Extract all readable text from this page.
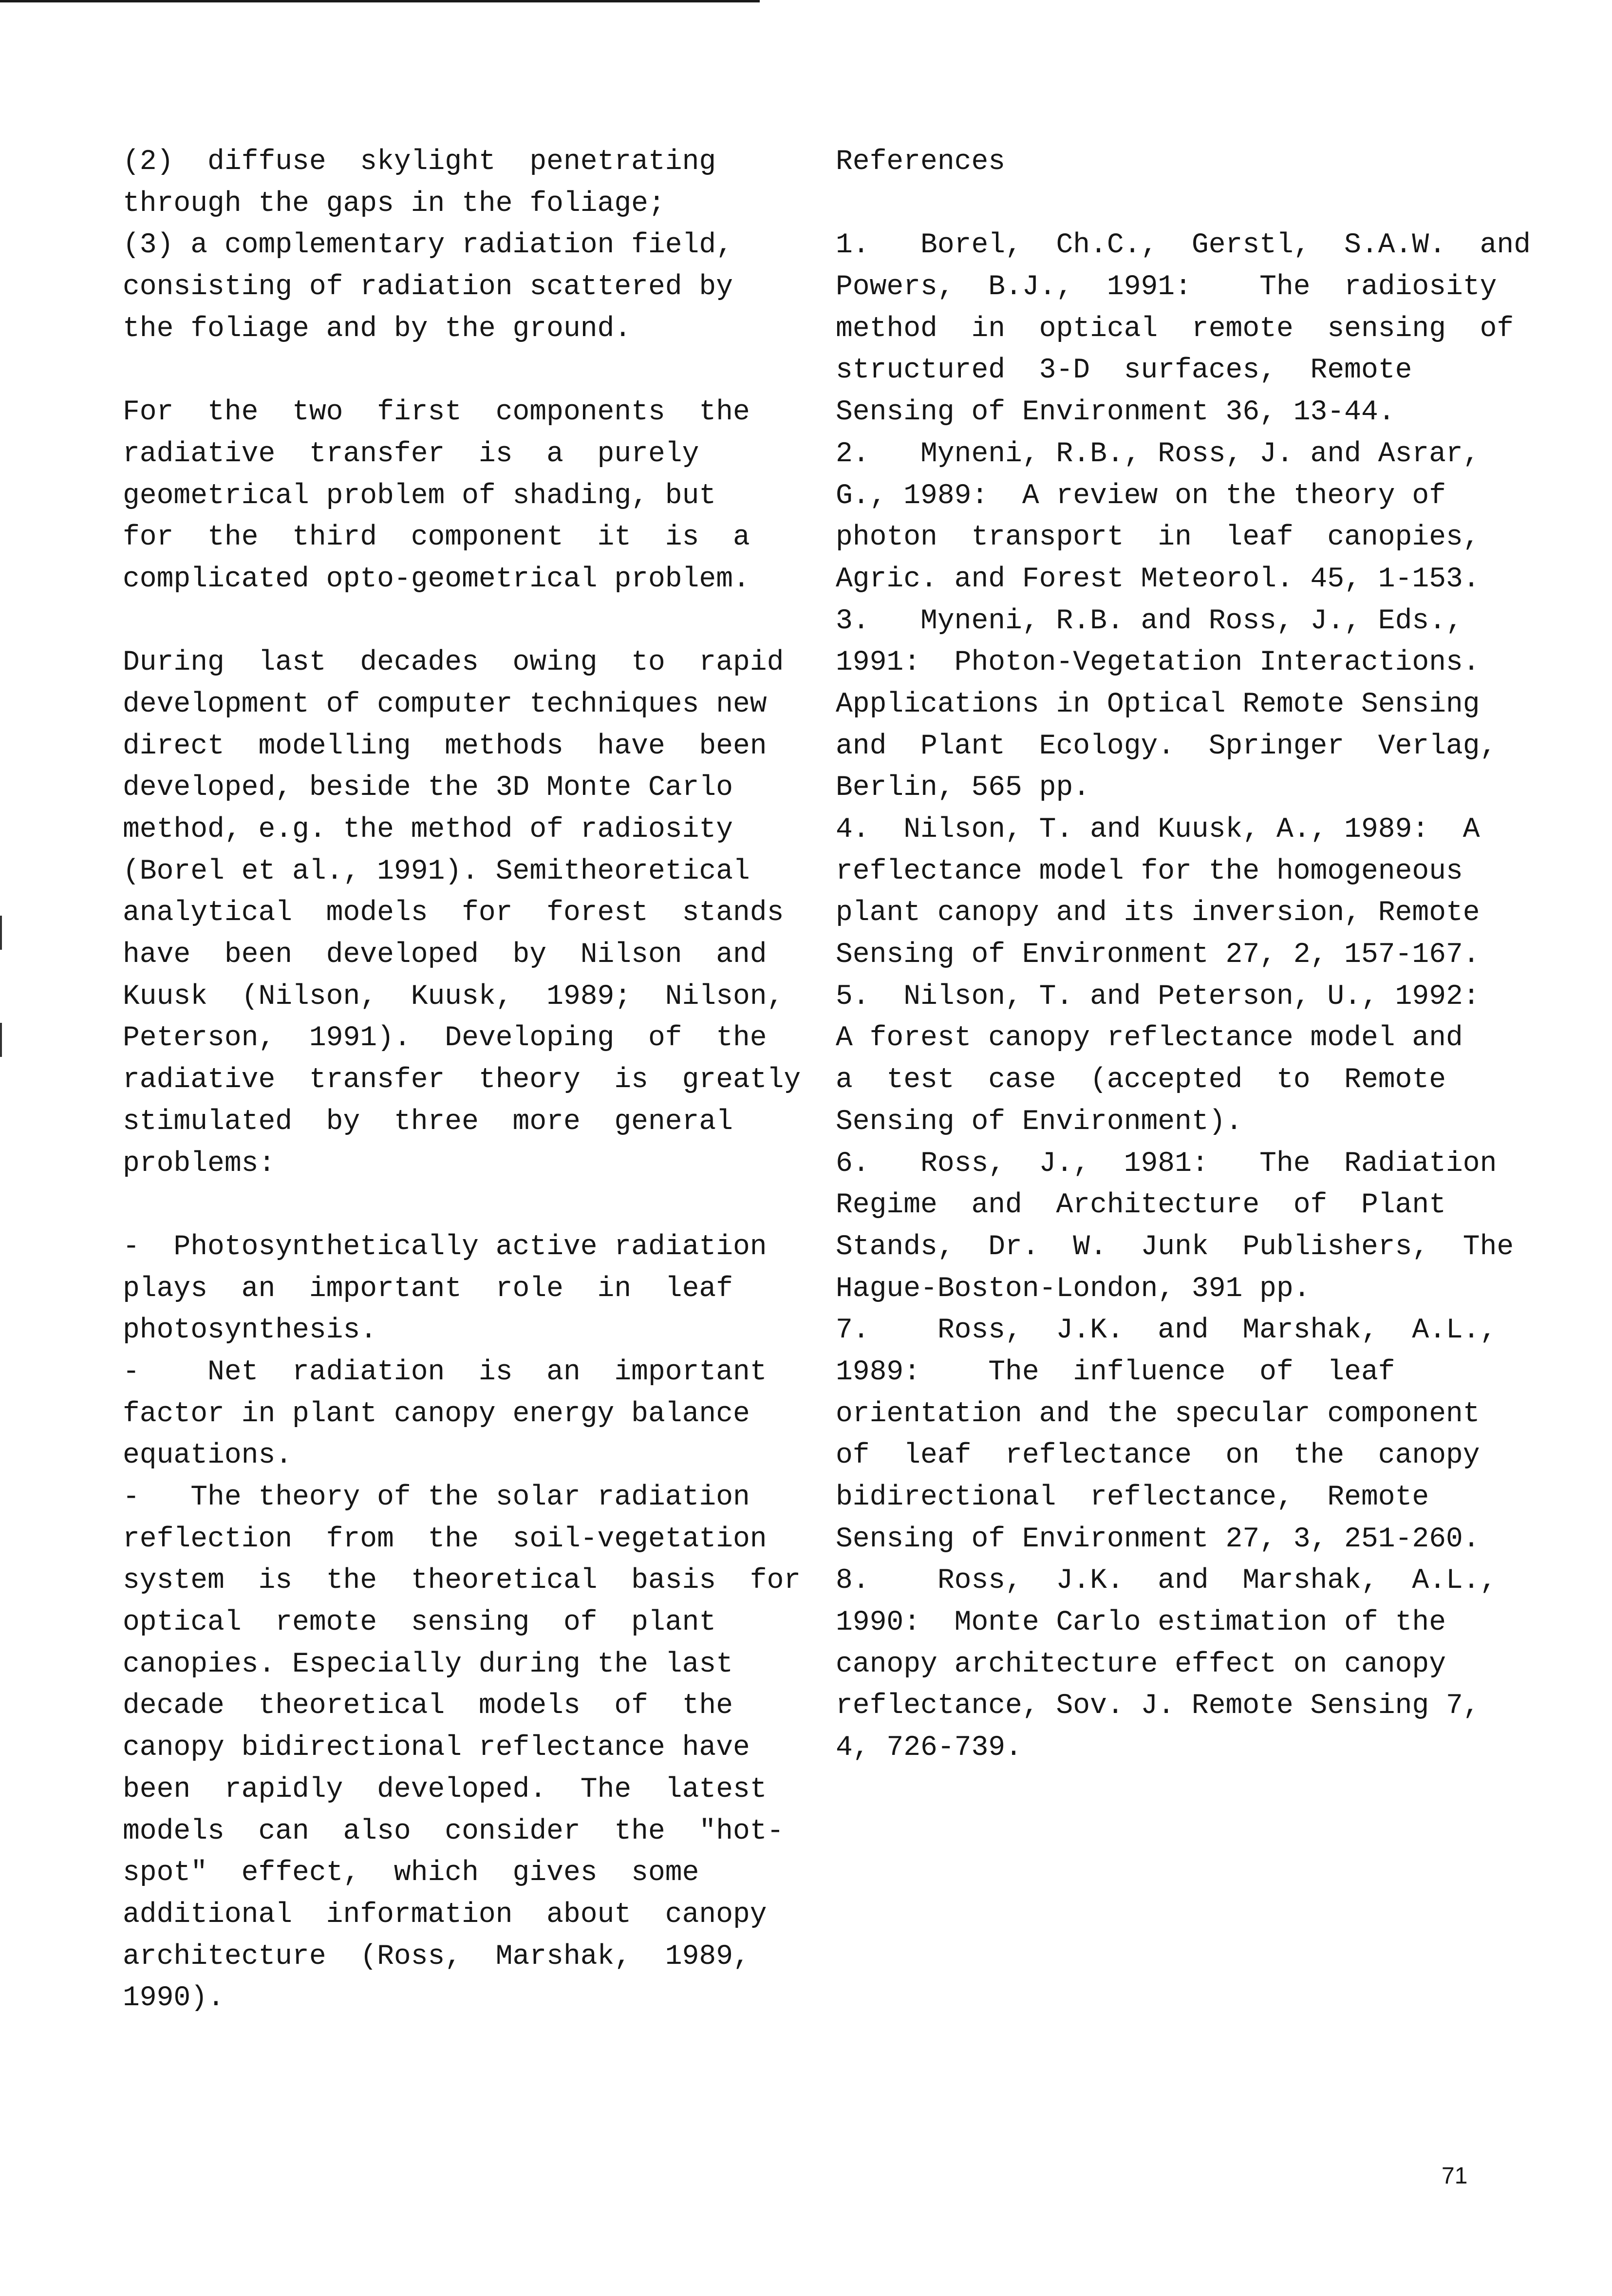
(2)  diffuse  skylight  penetrating
through the gaps in the foliage;
(3) a complementary radiation field,
consisting of radiation scattered by
the foliage and by the ground.
For  the  two  first  components  the
radiative  transfer  is  a  purely
geometrical problem of shading, but
for  the  third  component  it  is  a
complicated opto-geometrical problem.
During  last  decades  owing  to  rapid
development of computer techniques new
direct  modelling  methods  have  been
developed, beside the 3D Monte Carlo
method, e.g. the method of radiosity
(Borel et al., 1991). Semitheoretical
analytical  models  for  forest  stands
have  been  developed  by  Nilson  and
Kuusk  (Nilson,  Kuusk,  1989;  Nilson,
Peterson,  1991).  Developing  of  the
radiative  transfer  theory  is  greatly
stimulated  by  three  more  general
problems:
-  Photosynthetically active radiation
plays  an  important  role  in  leaf
photosynthesis.
-    Net  radiation  is  an  important
factor in plant canopy energy balance
equations.
-   The theory of the solar radiation
reflection  from  the  soil-vegetation
system  is  the  theoretical  basis  for
optical  remote  sensing  of  plant
canopies. Especially during the last
decade  theoretical  models  of  the
canopy bidirectional reflectance have
been  rapidly  developed.  The  latest
models  can  also  consider  the  "hot-
spot"  effect,  which  gives  some
additional  information  about  canopy
architecture  (Ross,  Marshak,  1989,
1990).
References
1.   Borel,  Ch.C.,  Gerstl,  S.A.W.  and
Powers,  B.J.,  1991:    The  radiosity
method  in  optical  remote  sensing  of
structured  3-D  surfaces,  Remote
Sensing of Environment 36, 13-44.
2.   Myneni, R.B., Ross, J. and Asrar,
G., 1989:  A review on the theory of
photon  transport  in  leaf  canopies,
Agric. and Forest Meteorol. 45, 1-153.
3.   Myneni, R.B. and Ross, J., Eds.,
1991:  Photon-Vegetation Interactions.
Applications in Optical Remote Sensing
and  Plant  Ecology.  Springer  Verlag,
Berlin, 565 pp.
4.  Nilson, T. and Kuusk, A., 1989:  A
reflectance model for the homogeneous
plant canopy and its inversion, Remote
Sensing of Environment 27, 2, 157-167.
5.  Nilson, T. and Peterson, U., 1992:
A forest canopy reflectance model and
a  test  case  (accepted  to  Remote
Sensing of Environment).
6.   Ross,  J.,  1981:   The  Radiation
Regime  and  Architecture  of  Plant
Stands,  Dr.  W.  Junk  Publishers,  The
Hague-Boston-London, 391 pp.
7.    Ross,  J.K.  and  Marshak,  A.L.,
1989:    The  influence  of  leaf
orientation and the specular component
of  leaf  reflectance  on  the  canopy
bidirectional  reflectance,  Remote
Sensing of Environment 27, 3, 251-260.
8.    Ross,  J.K.  and  Marshak,  A.L.,
1990:  Monte Carlo estimation of the
canopy architecture effect on canopy
reflectance, Sov. J. Remote Sensing 7,
4, 726-739.
71
